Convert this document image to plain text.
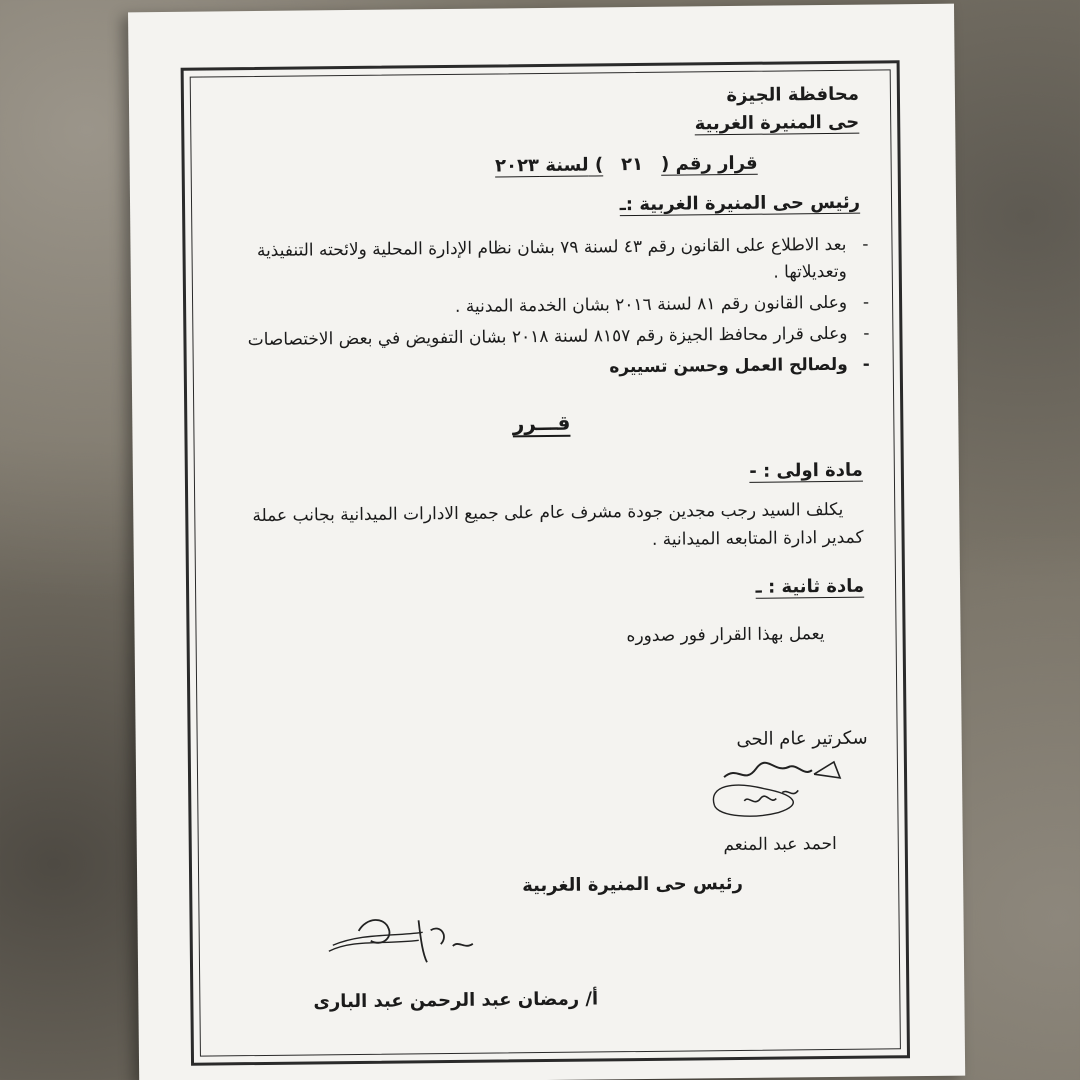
محافظة الجيزة
حى المنيرة الغربية
قرار رقم (٢١) لسنة ٢٠٢٣
رئيس حى المنيرة الغربية :ـ
- بعد الاطلاع على القانون رقم ٤٣ لسنة ٧٩ بشان نظام الإدارة المحلية ولائحته التنفيذية وتعديلاتها .
- وعلى القانون رقم ٨١ لسنة ٢٠١٦ بشان الخدمة المدنية .
- وعلى قرار محافظ الجيزة رقم ٨١٥٧ لسنة ٢٠١٨ بشان التفويض في بعض الاختصاصات
- ولصالح العمل وحسن تسييره
قـــرر
مادة اولى : -
يكلف السيد رجب مجدين جودة مشرف عام على جميع الادارات الميدانية بجانب عملة كمدير ادارة المتابعه الميدانية .
مادة ثانية : ـ
يعمل بهذا القرار فور صدوره
سكرتير عام الحى
احمد عبد المنعم
رئيس حى المنيرة الغربية
أ/ رمضان عبد الرحمن عبد البارى
